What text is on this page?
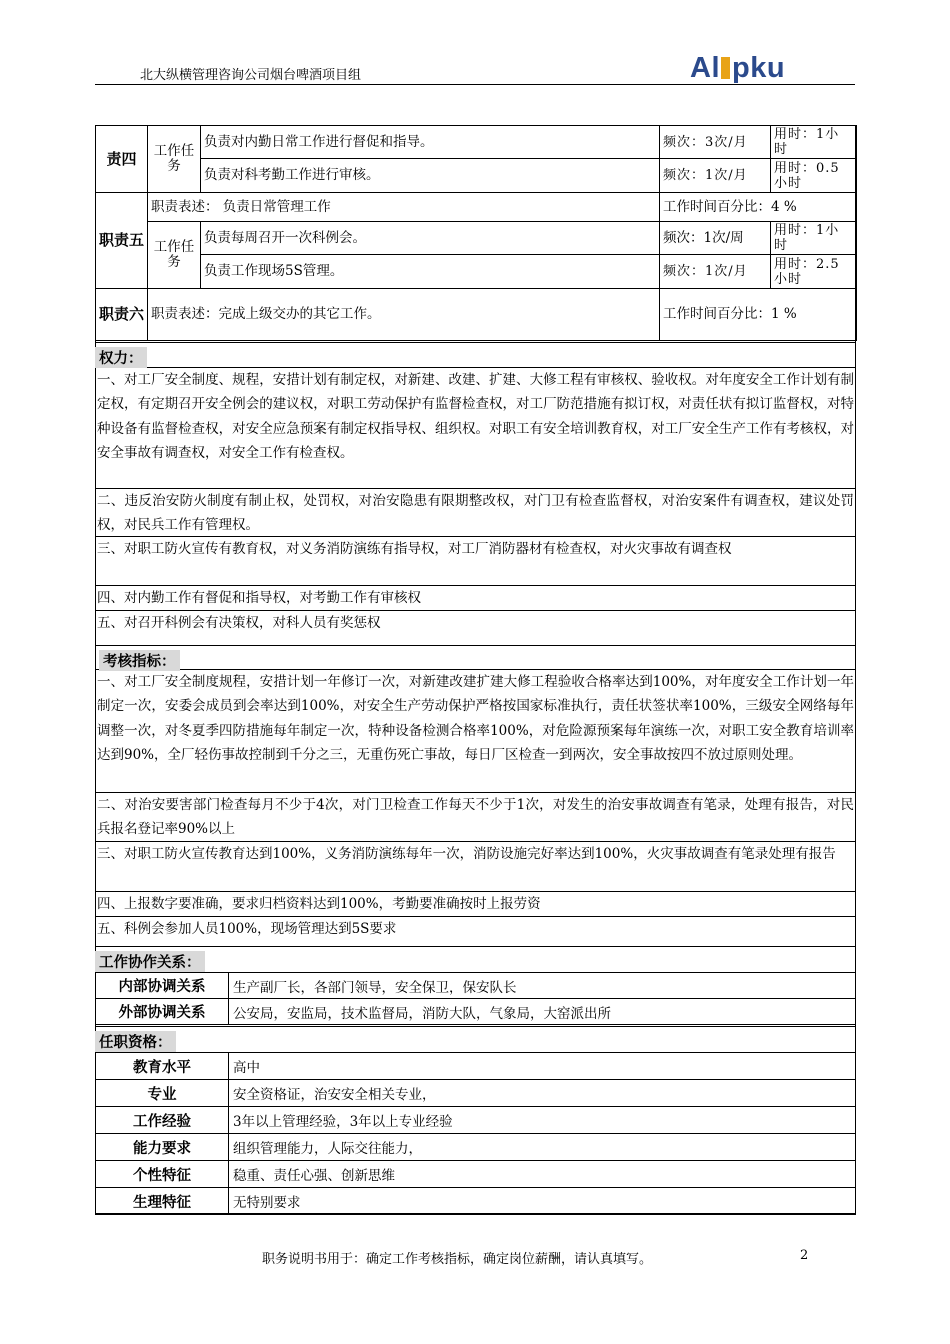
北大纵横管理咨询公司烟台啤酒项目组	Al pku
责四	工作任务	负责对内勤日常工作进行督促和指导。	频次：3次/月	用时：1小时
		负责对科考勤工作进行审核。	频次：1次/月	用时：0.5小时
职责五	职责表述： 负责日常管理工作		工作时间百分比：4 %	
	工作任务	负责每周召开一次科例会。	频次：1次/周	用时：1小时
		负责工作现场5S管理。	频次：1次/月	用时：2.5小时
职责六	职责表述：完成上级交办的其它工作。		工作时间百分比：1 %	
权力：
一、对工厂安全制度、规程，安措计划有制定权，对新建、改建、扩建、大修工程有审核权、验收权。对年度安全工作计划有制定权，有定期召开安全例会的建议权，对职工劳动保护有监督检查权，对工厂防范措施有拟订权，对责任状有拟订监督权，对特种设备有监督检查权，对安全应急预案有制定权指导权、组织权。对职工有安全培训教育权，对工厂安全生产工作有考核权，对安全事故有调查权，对安全工作有检查权。
二、违反治安防火制度有制止权，处罚权，对治安隐患有限期整改权，对门卫有检查监督权，对治安案件有调查权，建议处罚权，对民兵工作有管理权。
三、对职工防火宣传有教育权，对义务消防演练有指导权，对工厂消防器材有检查权，对火灾事故有调查权
四、对内勤工作有督促和指导权，对考勤工作有审核权
五、对召开科例会有决策权，对科人员有奖惩权
考核指标：
一、对工厂安全制度规程，安措计划一年修订一次，对新建改建扩建大修工程验收合格率达到100%，对年度安全工作计划一年制定一次，安委会成员到会率达到100%，对安全生产劳动保护严格按国家标准执行，责任状签状率100%，三级安全网络每年调整一次，对冬夏季四防措施每年制定一次，特种设备检测合格率100%，对危险源预案每年演练一次，对职工安全教育培训率达到90%，全厂轻伤事故控制到千分之三，无重伤死亡事故，每日厂区检查一到两次，安全事故按四不放过原则处理。
二、对治安要害部门检查每月不少于4次，对门卫检查工作每天不少于1次，对发生的治安事故调查有笔录，处理有报告，对民兵报名登记率90%以上
三、对职工防火宣传教育达到100%，义务消防演练每年一次，消防设施完好率达到100%，火灾事故调查有笔录处理有报告
四、上报数字要准确，要求归档资料达到100%，考勤要准确按时上报劳资
五、科例会参加人员100%，现场管理达到5S要求
工作协作关系：
内部协调关系	生产副厂长，各部门领导，安全保卫，保安队长
外部协调关系	公安局，安监局，技术监督局，消防大队，气象局，大窑派出所
任职资格：
教育水平	高中
专业	安全资格证，治安安全相关专业，
工作经验	3年以上管理经验，3年以上专业经验
能力要求	组织管理能力，人际交往能力，
个性特征	稳重、责任心强、创新思维
生理特征	无特别要求
职务说明书用于：确定工作考核指标，确定岗位薪酬，请认真填写。	2
